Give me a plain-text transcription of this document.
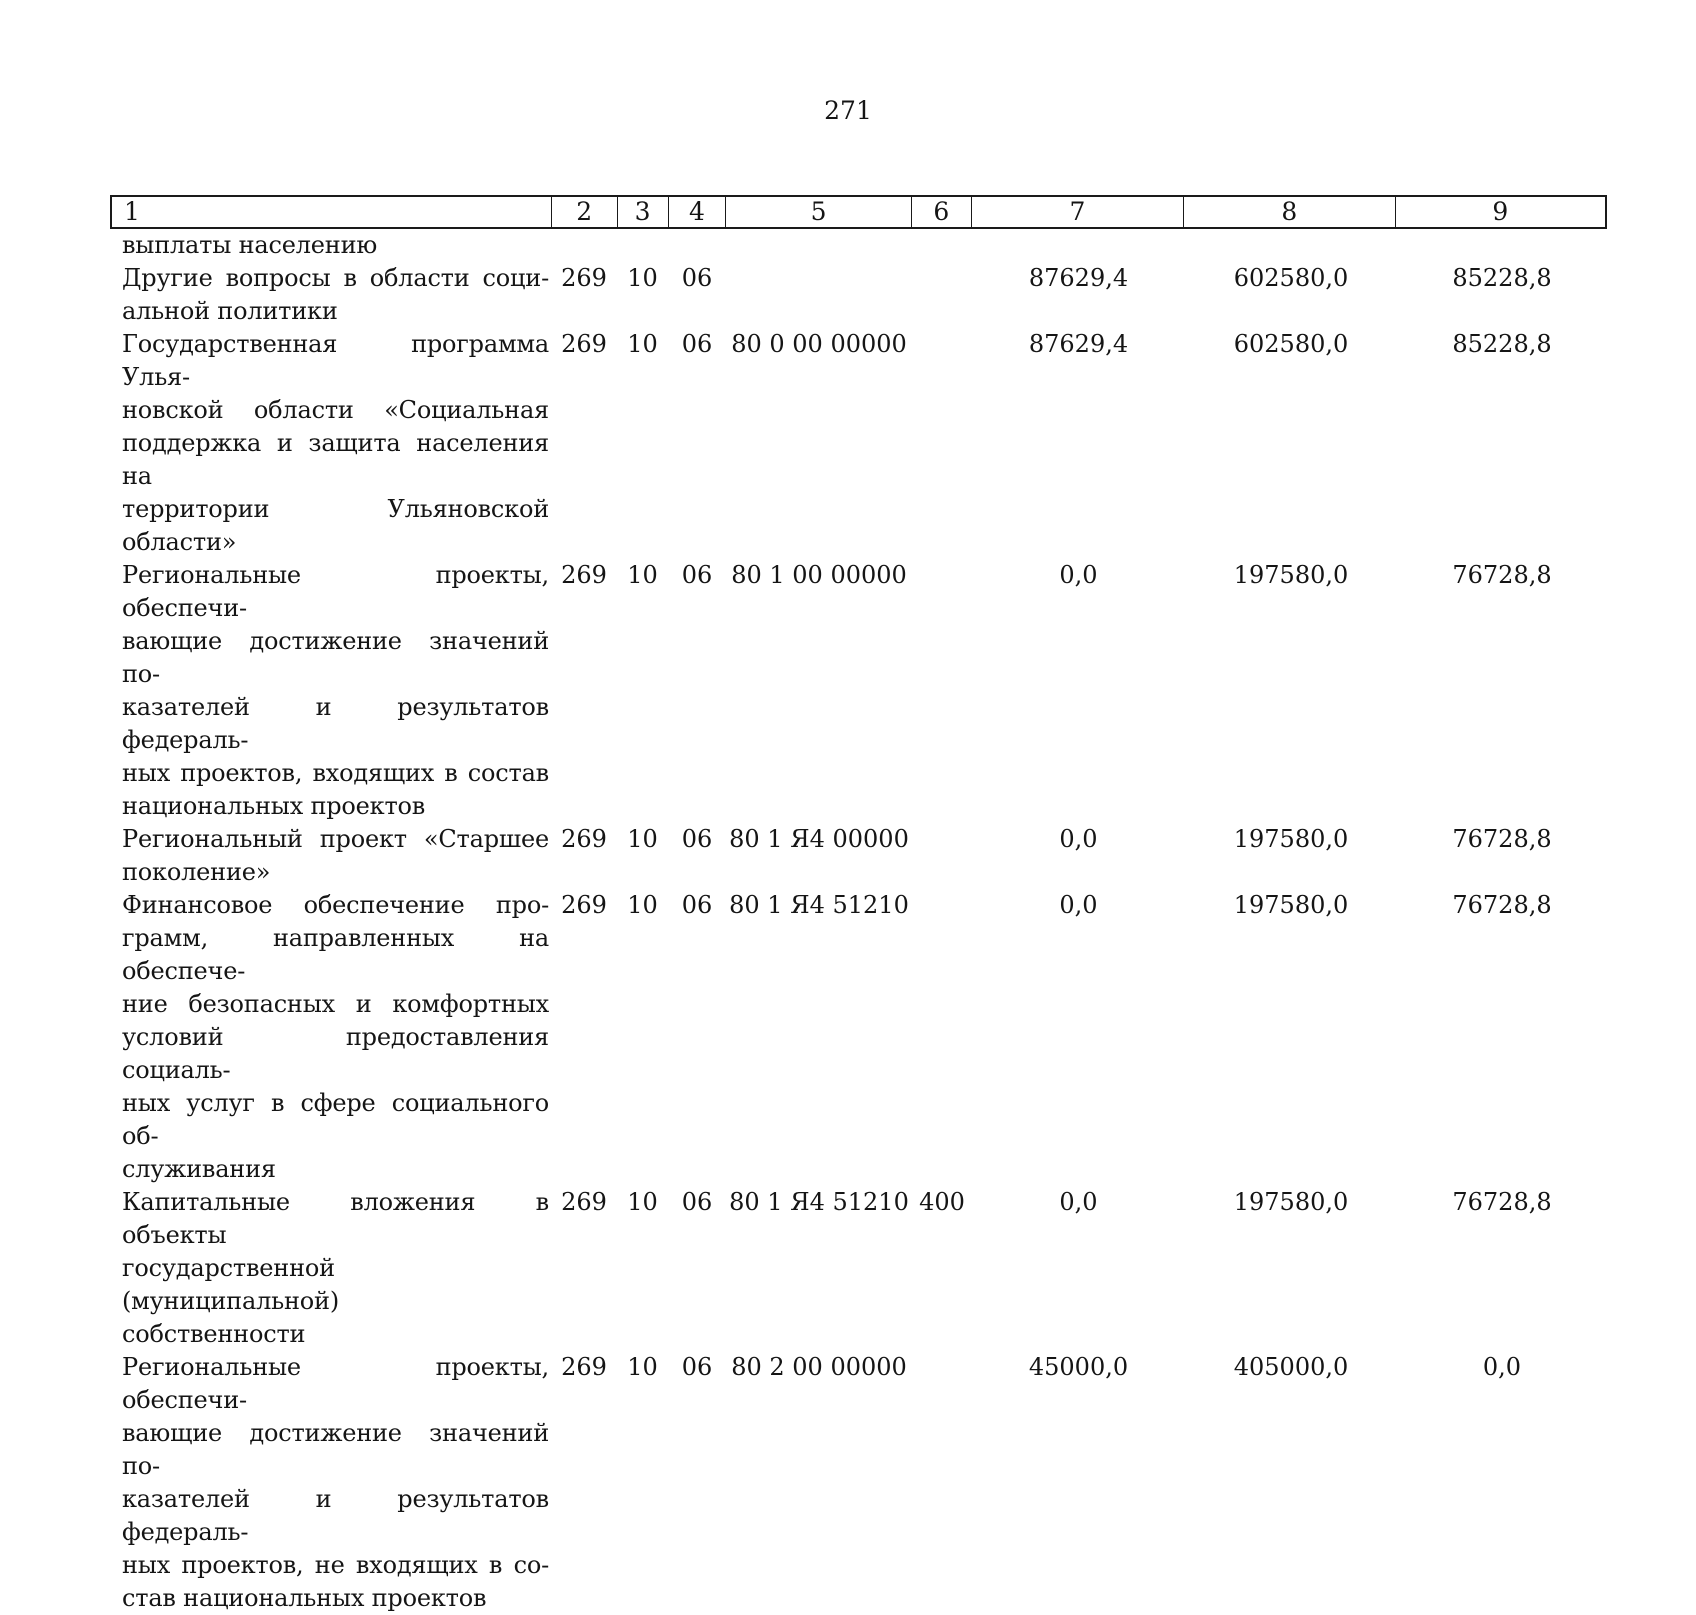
271
1	2	3	4	5	6	7	8	9
выплаты населению
Другие вопросы в области соци-
альной политики
269 10 06	87629,4	602580,0	85228,8
Государственная программа Улья-
новской области «Социальная
поддержка и защита населения на
территории Ульяновской области»
269 10 06 80 0 00 00000	87629,4	602580,0	85228,8
Региональные проекты, обеспечи-
вающие достижение значений по-
казателей и результатов федераль-
ных проектов, входящих в состав
национальных проектов
269 10 06 80 1 00 00000	0,0	197580,0	76728,8
Региональный проект «Старшее
поколение»
269 10 06 80 1 Я4 00000	0,0	197580,0	76728,8
Финансовое обеспечение про-
грамм, направленных на обеспече-
ние безопасных и комфортных
условий предоставления социаль-
ных услуг в сфере социального об-
служивания
269 10 06 80 1 Я4 51210	0,0	197580,0	76728,8
Капитальные вложения в объекты
государственной (муниципальной)
собственности
269 10 06 80 1 Я4 51210 400	0,0	197580,0	76728,8
Региональные проекты, обеспечи-
вающие достижение значений по-
казателей и результатов федераль-
ных проектов, не входящих в со-
став национальных проектов
269 10 06 80 2 00 00000	45000,0	405000,0	0,0
